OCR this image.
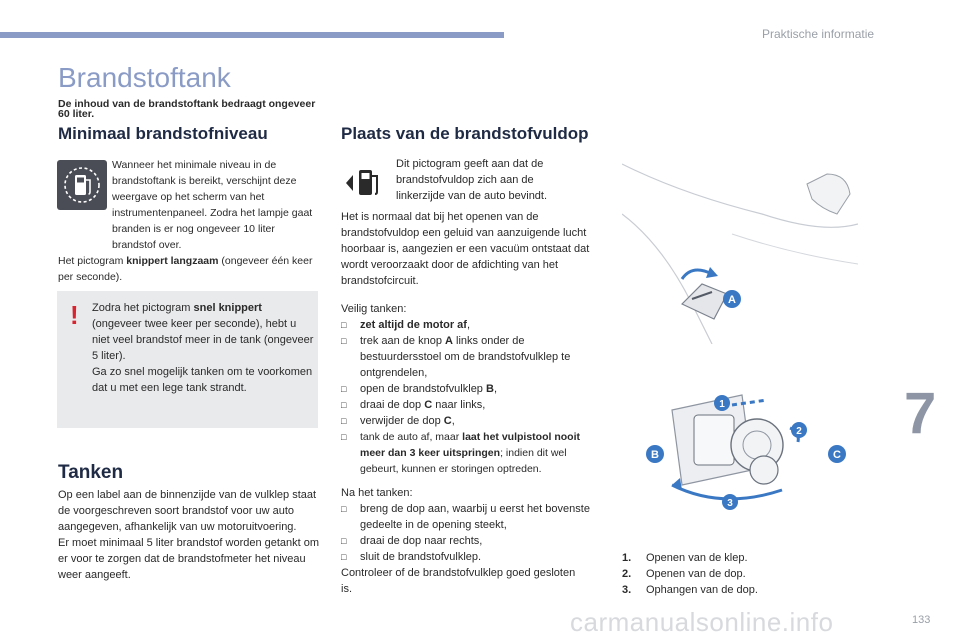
Praktische informatie
7
carmanualsonline.info	133
Brandstoftank
De inhoud van de brandstoftank bedraagt ongeveer 60 liter.
Minimaal brandstofniveau
Wanneer het minimale niveau in de brandstoftank is bereikt, verschijnt deze weergave op het scherm van het instrumentenpaneel. Zodra het lampje gaat branden is er nog ongeveer 10 liter brandstof over.
Het pictogram knippert langzaam (ongeveer één keer per seconde).
! Zodra het pictogram snel knippert (ongeveer twee keer per seconde), hebt u niet veel brandstof meer in de tank (ongeveer 5 liter).
Ga zo snel mogelijk tanken om te voorkomen dat u met een lege tank strandt.
Tanken
Op een label aan de binnenzijde van de vulklep staat de voorgeschreven soort brandstof voor uw auto aangegeven, afhankelijk van uw motoruitvoering.
Er moet minimaal 5 liter brandstof worden getankt om er voor te zorgen dat de brandstofmeter het niveau weer aangeeft.
Plaats van de brandstofvuldop
Dit pictogram geeft aan dat de brandstofvuldop zich aan de linkerzijde van de auto bevindt.
Het is normaal dat bij het openen van de brandstofvuldop een geluid van aanzuigende lucht hoorbaar is, aangezien er een vacuüm ontstaat dat wordt veroorzaakt door de afdichting van het brandstofcircuit.
Veilig tanken:
□ zet altijd de motor af,
□ trek aan de knop A links onder de bestuurdersstoel om de brandstofvulklep te ontgrendelen,
□ open de brandstofvulklep B,
□ draai de dop C naar links,
□ verwijder de dop C,
□ tank de auto af, maar laat het vulpistool nooit meer dan 3 keer uitspringen; indien dit wel gebeurt, kunnen er storingen optreden.
Na het tanken:
□ breng de dop aan, waarbij u eerst het bovenste gedeelte in de opening steekt,
□ draai de dop naar rechts,
□ sluit de brandstofvulklep.
Controleer of de brandstofvulklep goed gesloten is.
A
1
2
3
B	C
1. Openen van de klep.
2. Openen van de dop.
3. Ophangen van de dop.
